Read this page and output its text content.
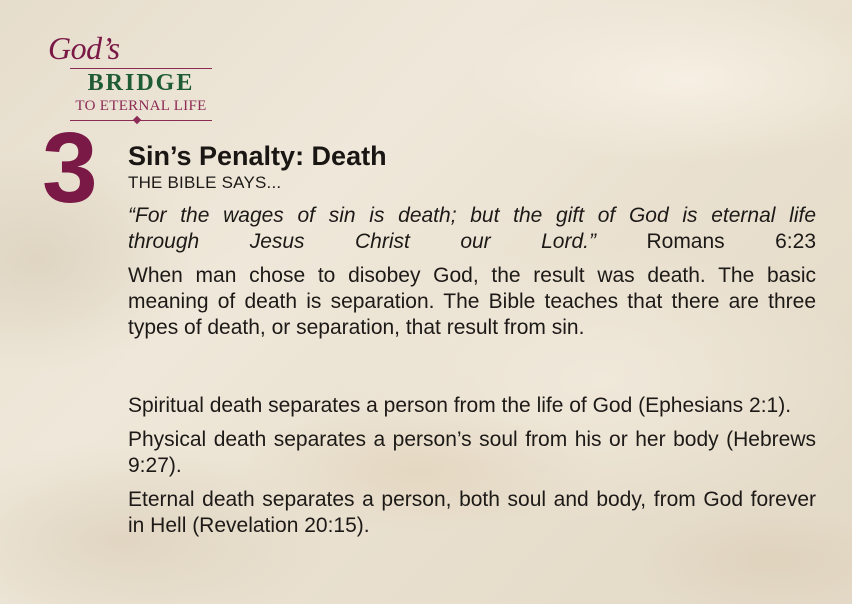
God’s
BRIDGE
TO ETERNAL LIFE
3 Sin’s Penalty: Death
THE BIBLE SAYS...
“For the wages of sin is death; but the gift of God is eternal life
through Jesus Christ our Lord.” Romans 6:23
When man chose to disobey God, the result was death. The basic meaning of death is separation. The Bible teaches that there are three types of death, or separation, that result from sin.
Spiritual death separates a person from the life of God (Ephesians 2:1).
Physical death separates a person’s soul from his or her body (Hebrews 9:27).
Eternal death separates a person, both soul and body, from God forever in Hell (Revelation 20:15).
